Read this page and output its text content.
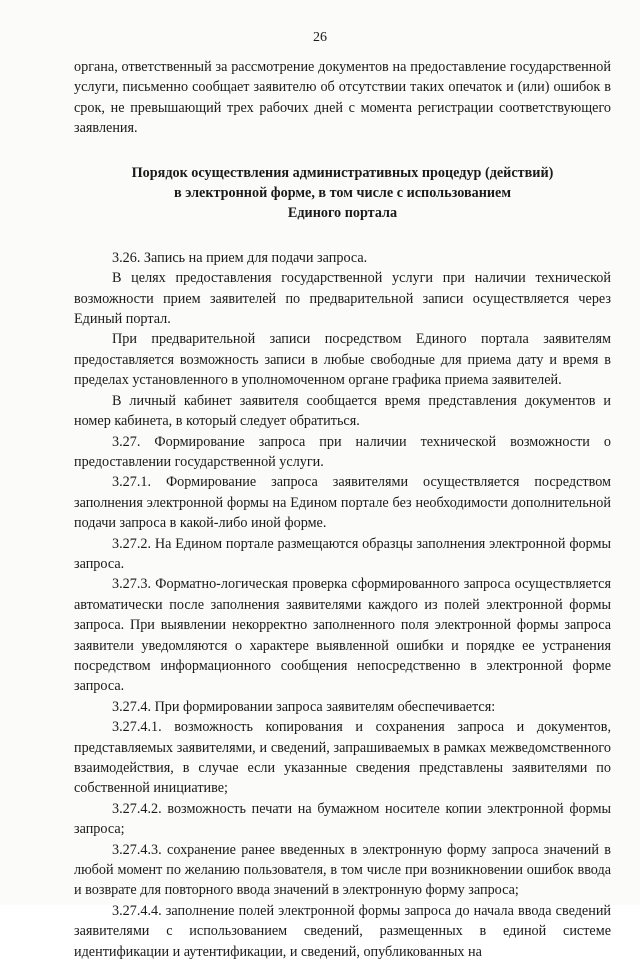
26

органа, ответственный за рассмотрение документов на предоставление государственной услуги, письменно сообщает заявителю об отсутствии таких опечаток и (или) ошибок в срок, не превышающий трех рабочих дней с момента регистрации соответствующего заявления.

Порядок осуществления административных процедур (действий)
в электронной форме, в том числе с использованием
Единого портала

3.26. Запись на прием для подачи запроса.

В целях предоставления государственной услуги при наличии технической возможности прием заявителей по предварительной записи осуществляется через Единый портал.

При предварительной записи посредством Единого портала заявителям предоставляется возможность записи в любые свободные для приема дату и время в пределах установленного в уполномоченном органе графика приема заявителей.

В личный кабинет заявителя сообщается время представления документов и номер кабинета, в который следует обратиться.

3.27. Формирование запроса при наличии технической возможности о предоставлении государственной услуги.

3.27.1. Формирование запроса заявителями осуществляется посредством заполнения электронной формы на Едином портале без необходимости дополнительной подачи запроса в какой-либо иной форме.

3.27.2. На Едином портале размещаются образцы заполнения электронной формы запроса.

3.27.3. Форматно-логическая проверка сформированного запроса осуществляется автоматически после заполнения заявителями каждого из полей электронной формы запроса. При выявлении некорректно заполненного поля электронной формы запроса заявители уведомляются о характере выявленной ошибки и порядке ее устранения посредством информационного сообщения непосредственно в электронной форме запроса.

3.27.4. При формировании запроса заявителям обеспечивается:

3.27.4.1. возможность копирования и сохранения запроса и документов, представляемых заявителями, и сведений, запрашиваемых в рамках межведомственного взаимодействия, в случае если указанные сведения представлены заявителями по собственной инициативе;

3.27.4.2. возможность печати на бумажном носителе копии электронной формы запроса;

3.27.4.3. сохранение ранее введенных в электронную форму запроса значений в любой момент по желанию пользователя, в том числе при возникновении ошибок ввода и возврате для повторного ввода значений в электронную форму запроса;

3.27.4.4. заполнение полей электронной формы запроса до начала ввода сведений заявителями с использованием сведений, размещенных в единой системе идентификации и аутентификации, и сведений, опубликованных на
